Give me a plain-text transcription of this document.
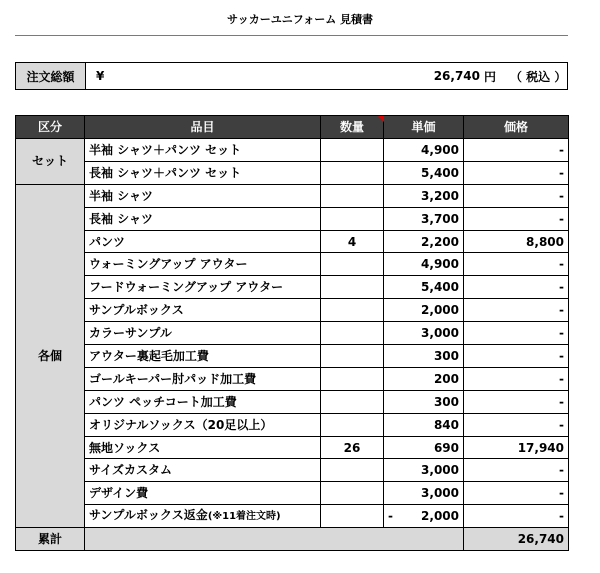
サッカーユニフォーム 見積書
注文総額	¥	26,740 円 （ 税込 ）
区分	品目	数量	単価	価格
セット	半袖 シャツ＋パンツ セット		4,900	-
	長袖 シャツ＋パンツ セット		5,400	-
各個	半袖 シャツ		3,200	-
	長袖 シャツ		3,700	-
	パンツ	4	2,200	8,800
	ウォーミングアップ アウター		4,900	-
	フードウォーミングアップ アウター		5,400	-
	サンプルボックス		2,000	-
	カラーサンプル		3,000	-
	アウター裏起毛加工費		300	-
	ゴールキーパー肘パッド加工費		200	-
	パンツ ペッチコート加工費		300	-
	オリジナルソックス（20足以上）		840	-
	無地ソックス	26	690	17,940
	サイズカスタム		3,000	-
	デザイン費		3,000	-
	サンプルボックス返金(※11着注文時)		- 2,000	-
累計				26,740
